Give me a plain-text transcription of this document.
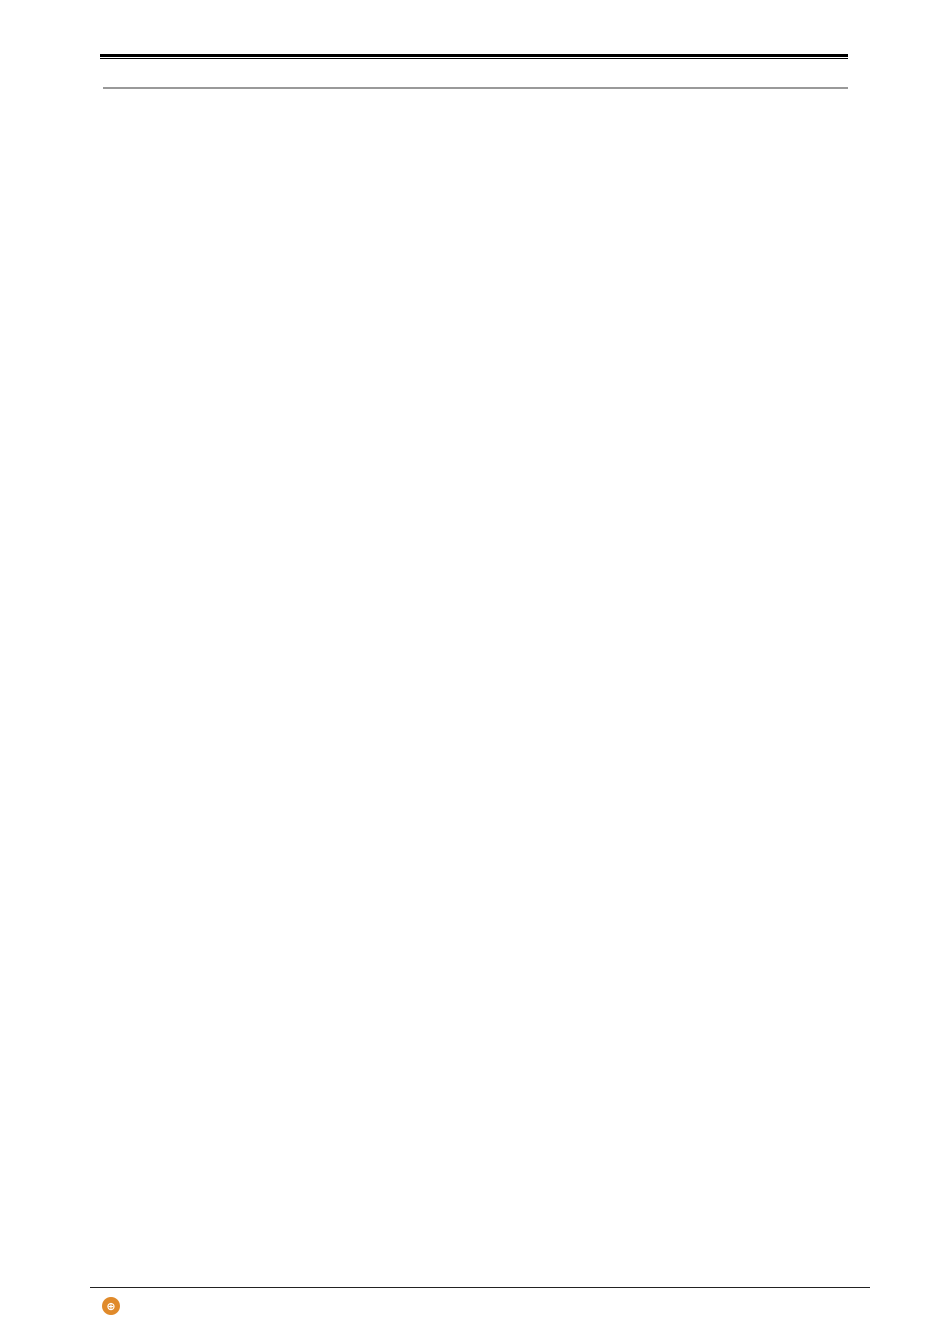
⊕
